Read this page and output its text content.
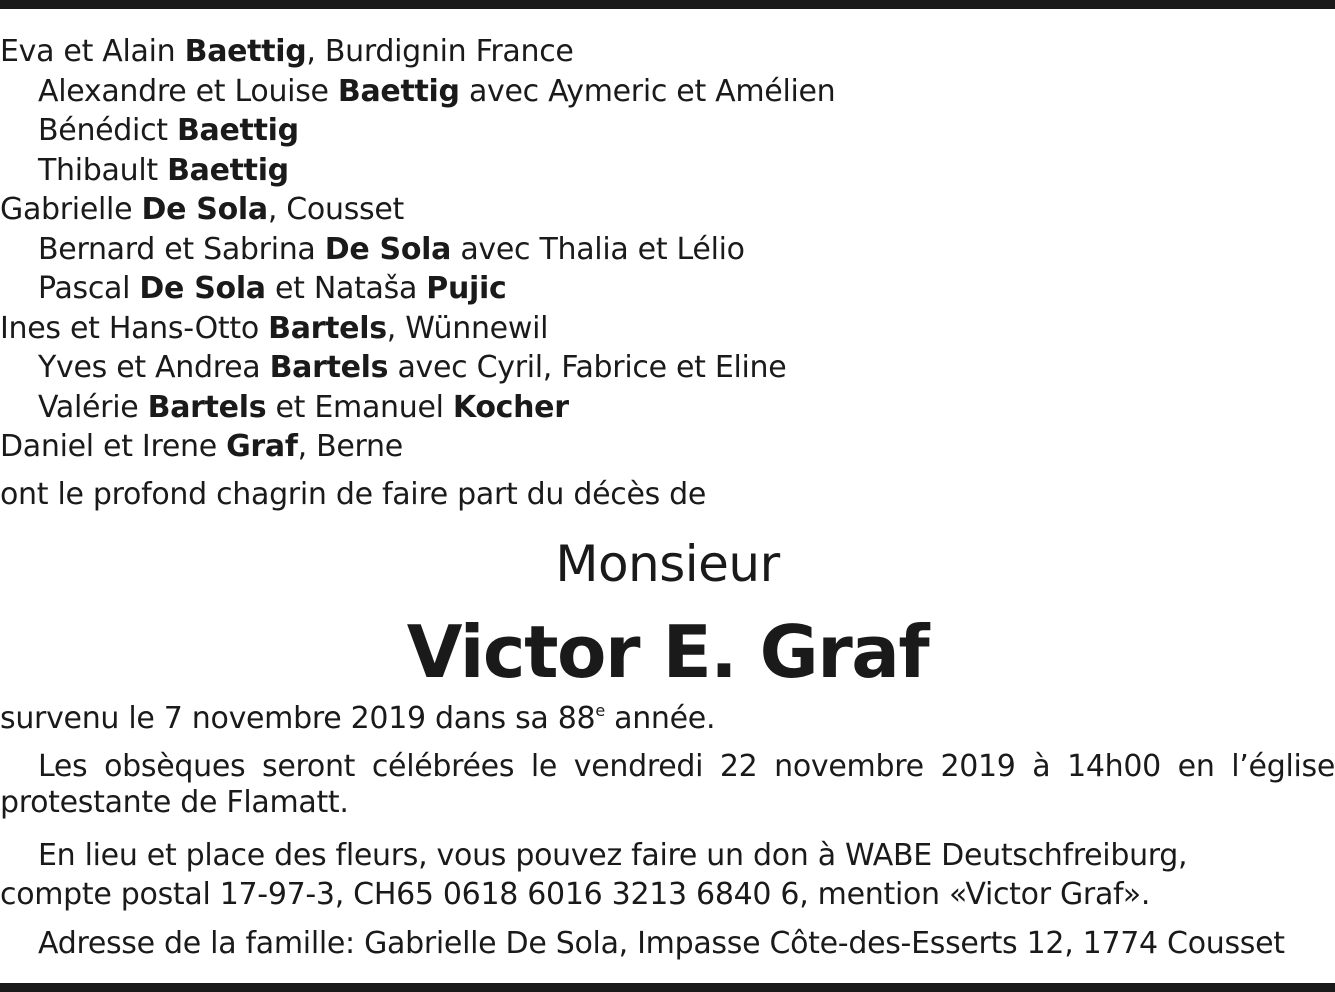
Eva et Alain Baettig, Burdignin France
Alexandre et Louise Baettig avec Aymeric et Amélien
Bénédict Baettig
Thibault Baettig
Gabrielle De Sola, Cousset
Bernard et Sabrina De Sola avec Thalia et Lélio
Pascal De Sola et Nataša Pujic
Ines et Hans-Otto Bartels, Wünnewil
Yves et Andrea Bartels avec Cyril, Fabrice et Eline
Valérie Bartels et Emanuel Kocher
Daniel et Irene Graf, Berne
ont le profond chagrin de faire part du décès de
Monsieur
Victor E. Graf
survenu le 7 novembre 2019 dans sa 88e année.
Les obsèques seront célébrées le vendredi 22 novembre 2019 à 14h00 en l’église
protestante de Flamatt.
En lieu et place des fleurs, vous pouvez faire un don à WABE Deutschfreiburg,
compte postal 17-97-3, CH65 0618 6016 3213 6840 6, mention «Victor Graf».
Adresse de la famille: Gabrielle De Sola, Impasse Côte-des-Esserts 12, 1774 Cousset
